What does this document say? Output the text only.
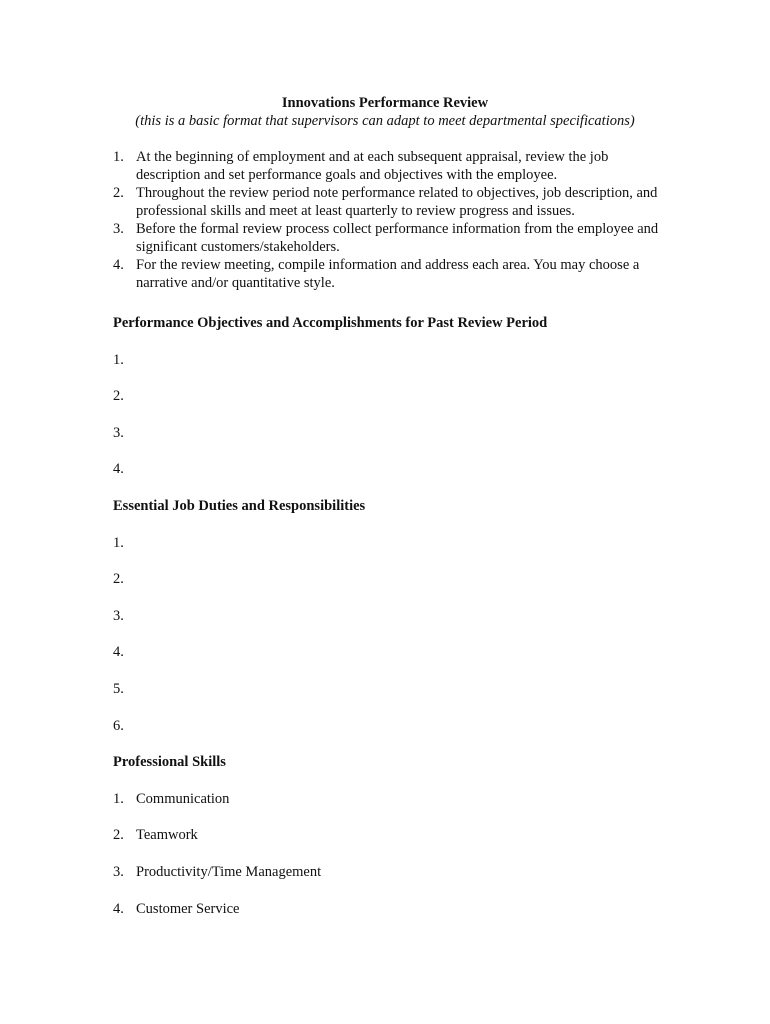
Innovations Performance Review

(this is a basic format that supervisors can adapt to meet departmental specifications)

1. At the beginning of employment and at each subsequent appraisal, review the job description and set performance goals and objectives with the employee.
2. Throughout the review period note performance related to objectives, job description, and professional skills and meet at least quarterly to review progress and issues.
3. Before the formal review process collect performance information from the employee and significant customers/stakeholders.
4. For the review meeting, compile information and address each area. You may choose a narrative and/or quantitative style.

Performance Objectives and Accomplishments for Past Review Period

1.

2.

3.

4.

Essential Job Duties and Responsibilities

1.

2.

3.

4.

5.

6.

Professional Skills

1. Communication

2. Teamwork

3. Productivity/Time Management

4. Customer Service
